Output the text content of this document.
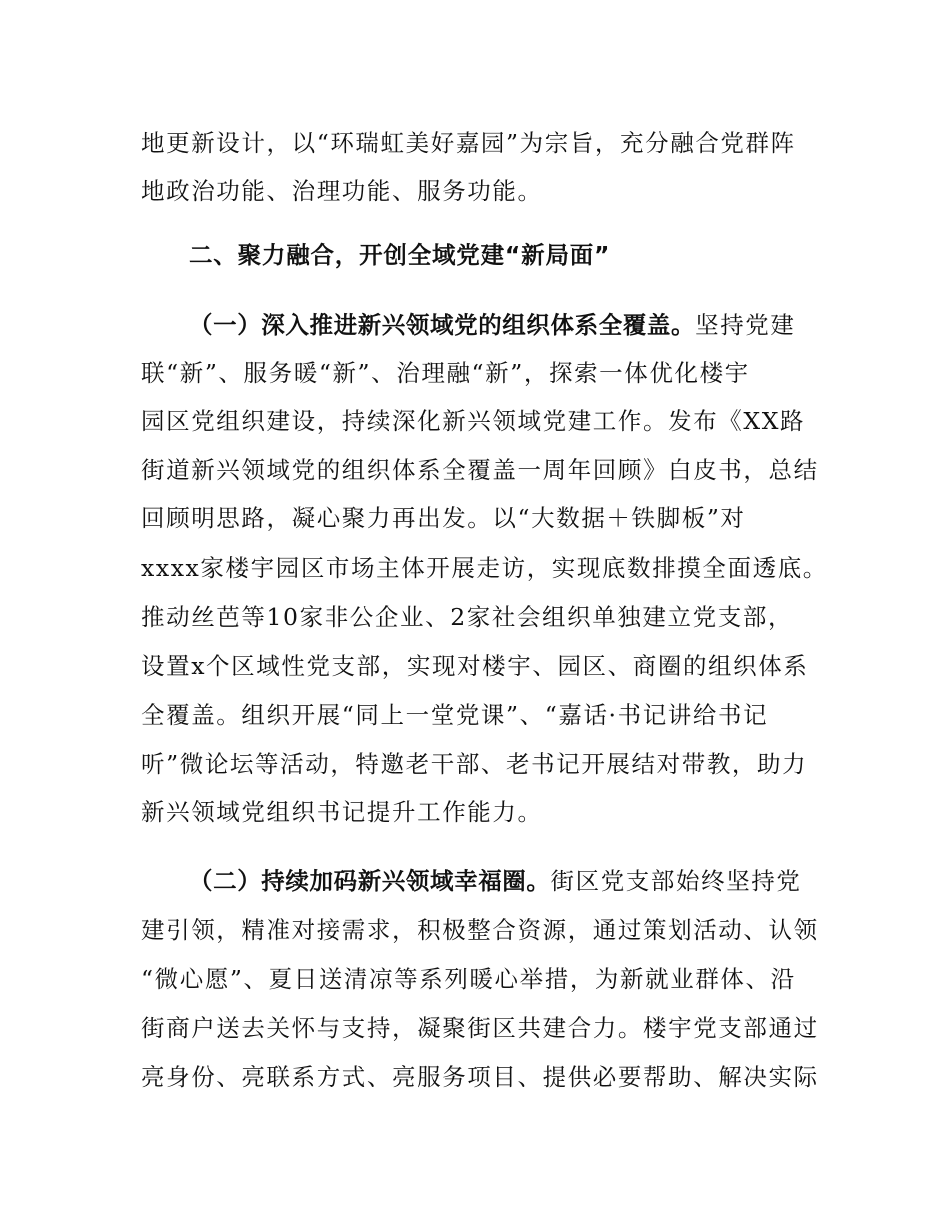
地更新设计，以“环瑞虹美好嘉园”为宗旨，充分融合党群阵
地政治功能、治理功能、服务功能。
二、聚力融合，开创全域党建“新局面”
（一）深入推进新兴领域党的组织体系全覆盖。坚持党建
联“新”、服务暖“新”、治理融“新”，探索一体优化楼宇
园区党组织建设，持续深化新兴领域党建工作。发布《XX路
街道新兴领域党的组织体系全覆盖一周年回顾》白皮书，总结
回顾明思路，凝心聚力再出发。以“大数据＋铁脚板”对
xxxx家楼宇园区市场主体开展走访，实现底数排摸全面透底。
推动丝芭等10家非公企业、2家社会组织单独建立党支部，
设置x个区域性党支部，实现对楼宇、园区、商圈的组织体系
全覆盖。组织开展“同上一堂党课”、“嘉话·书记讲给书记
听”微论坛等活动，特邀老干部、老书记开展结对带教，助力
新兴领域党组织书记提升工作能力。
（二）持续加码新兴领域幸福圈。街区党支部始终坚持党
建引领，精准对接需求，积极整合资源，通过策划活动、认领
“微心愿”、夏日送清凉等系列暖心举措，为新就业群体、沿
街商户送去关怀与支持，凝聚街区共建合力。楼宇党支部通过
亮身份、亮联系方式、亮服务项目、提供必要帮助、解决实际
